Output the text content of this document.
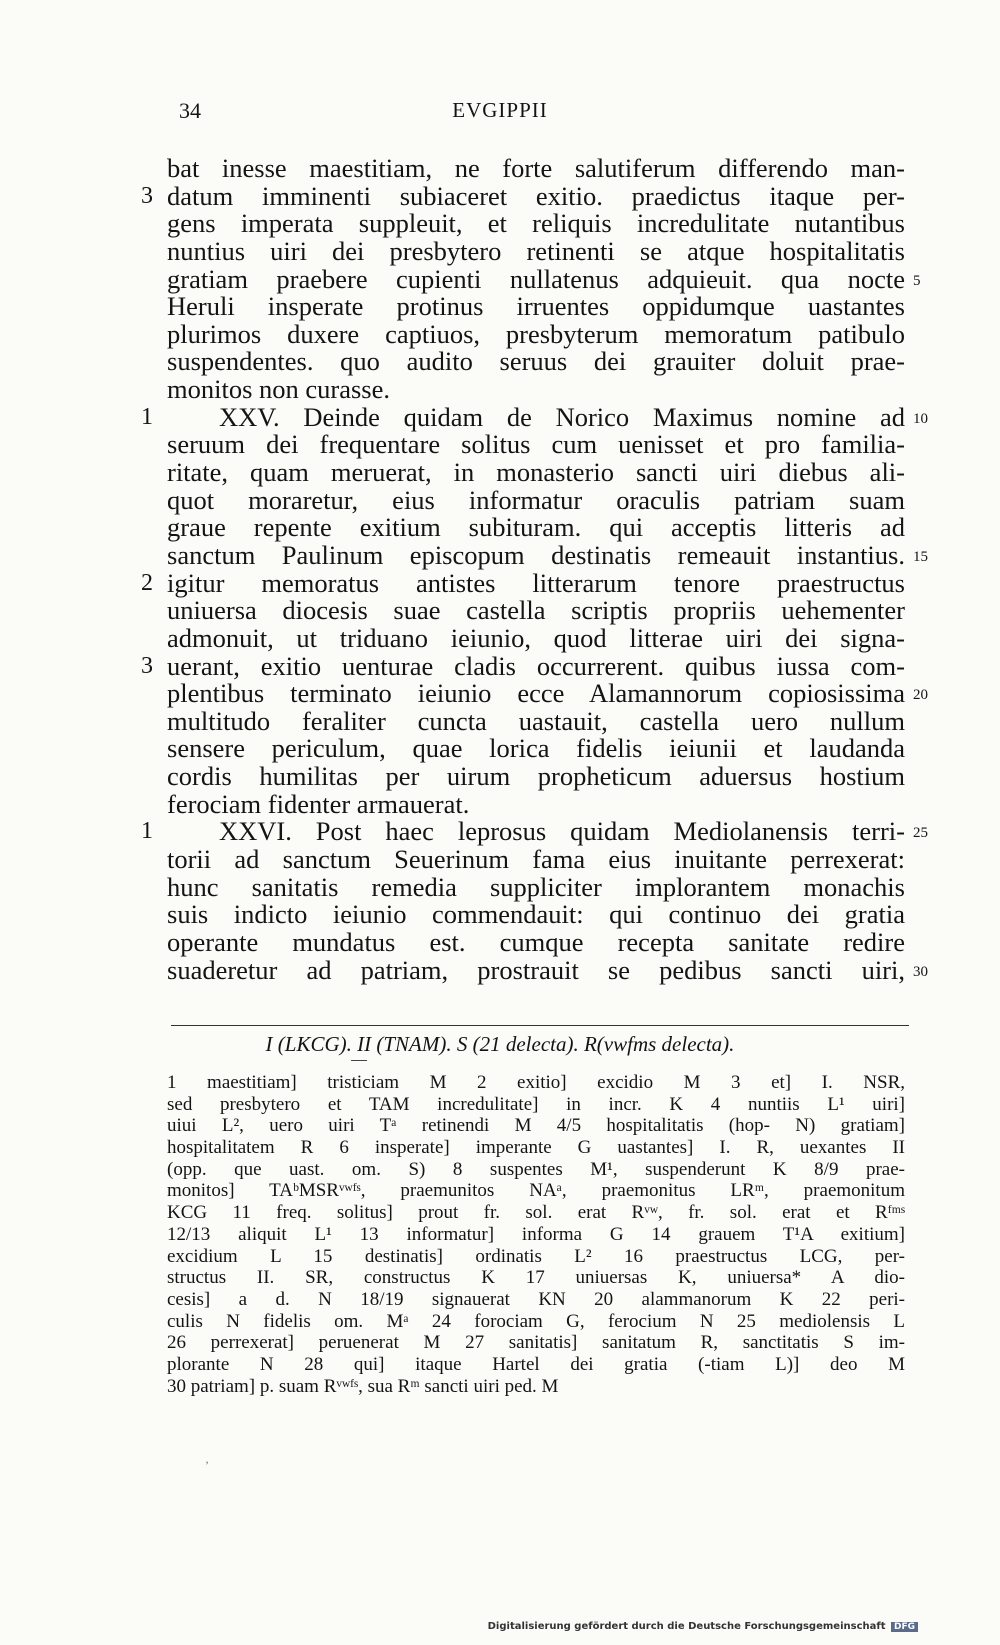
34	EVGIPPII
bat inesse maestitiam, ne forte salutiferum differendo man-
3 datum imminenti subiaceret exitio. praedictus itaque per-
gens imperata suppleuit, et reliquis incredulitate nutantibus
nuntius uiri dei presbytero retinenti se atque hospitalitatis
gratiam praebere cupienti nullatenus adquieuit. qua nocte 5
Heruli insperate protinus irruentes oppidumque uastantes
plurimos duxere captiuos, presbyterum memoratum patibulo
suspendentes. quo audito seruus dei grauiter doluit prae-
monitos non curasse.
1	XXV. Deinde quidam de Norico Maximus nomine ad 10
seruum dei frequentare solitus cum uenisset et pro familia-
ritate, quam meruerat, in monasterio sancti uiri diebus ali-
quot moraretur, eius informatur oraculis patriam suam
graue repente exitium subituram. qui acceptis litteris ad
sanctum Paulinum episcopum destinatis remeauit instantius. 15
2 igitur memoratus antistes litterarum tenore praestructus
uniuersa diocesis suae castella scriptis propriis uehementer
admonuit, ut triduano ieiunio, quod litterae uiri dei signa-
3 uerant, exitio uenturae cladis occurrerent. quibus iussa com-
plentibus terminato ieiunio ecce Alamannorum copiosissima 20
multitudo feraliter cuncta uastauit, castella uero nullum
sensere periculum, quae lorica fidelis ieiunii et laudanda
cordis humilitas per uirum propheticum aduersus hostium
ferociam fidenter armauerat.
1	XXVI. Post haec leprosus quidam Mediolanensis terri- 25
torii ad sanctum Seuerinum fama eius inuitante perrexerat:
hunc sanitatis remedia suppliciter implorantem monachis
suis indicto ieiunio commendauit: qui continuo dei gratia
operante mundatus est. cumque recepta sanitate redire
suaderetur ad patriam, prostrauit se pedibus sancti uiri, 30
I (LKCG). II (TNAM). S (21 delecta). R(vwfms delecta).
1 maestitiam] tristiciam M 2 exitio] excidio M 3 et] I. NSR,
sed presbytero et TAM incredulitate] in incr. K 4 nuntiis L¹ uiri]
uiui L², uero uiri Tᵃ retinendi M 4/5 hospitalitatis (hop- N) gratiam]
hospitalitatem R 6 insperate] imperante G uastantes] I. R, uexantes II
(opp. que uast. om. S) 8 suspentes M¹, suspenderunt K 8/9 prae-
monitos] TAᵇMSRᵛʷᶠˢ, praemunitos NAᵃ, praemonitus LRᵐ, praemonitum
KCG 11 freq. solitus] prout fr. sol. erat Rᵛʷ, fr. sol. erat et Rᶠᵐˢ
12/13 aliquit L¹ 13 informatur] informa G 14 grauem T¹A exitium]
excidium L 15 destinatis] ordinatis L² 16 praestructus LCG, per-
structus II. SR, constructus K 17 uniuersas K, uniuersa* A dio-
cesis] a d. N 18/19 signauerat KN 20 alammanorum K 22 peri-
culis N fidelis om. Mᵃ 24 forociam G, ferocium N 25 mediolensis L
26 perrexerat] peruenerat M 27 sanitatis] sanitatum R, sanctitatis S im-
plorante N 28 qui] itaque Hartel dei gratia (-tiam L)] deo M
30 patriam] p. suam Rᵛʷᶠˢ, sua Rᵐ sancti uiri ped. M
’
Digitalisierung gefördert durch die Deutsche Forschungsgemeinschaft DFG
